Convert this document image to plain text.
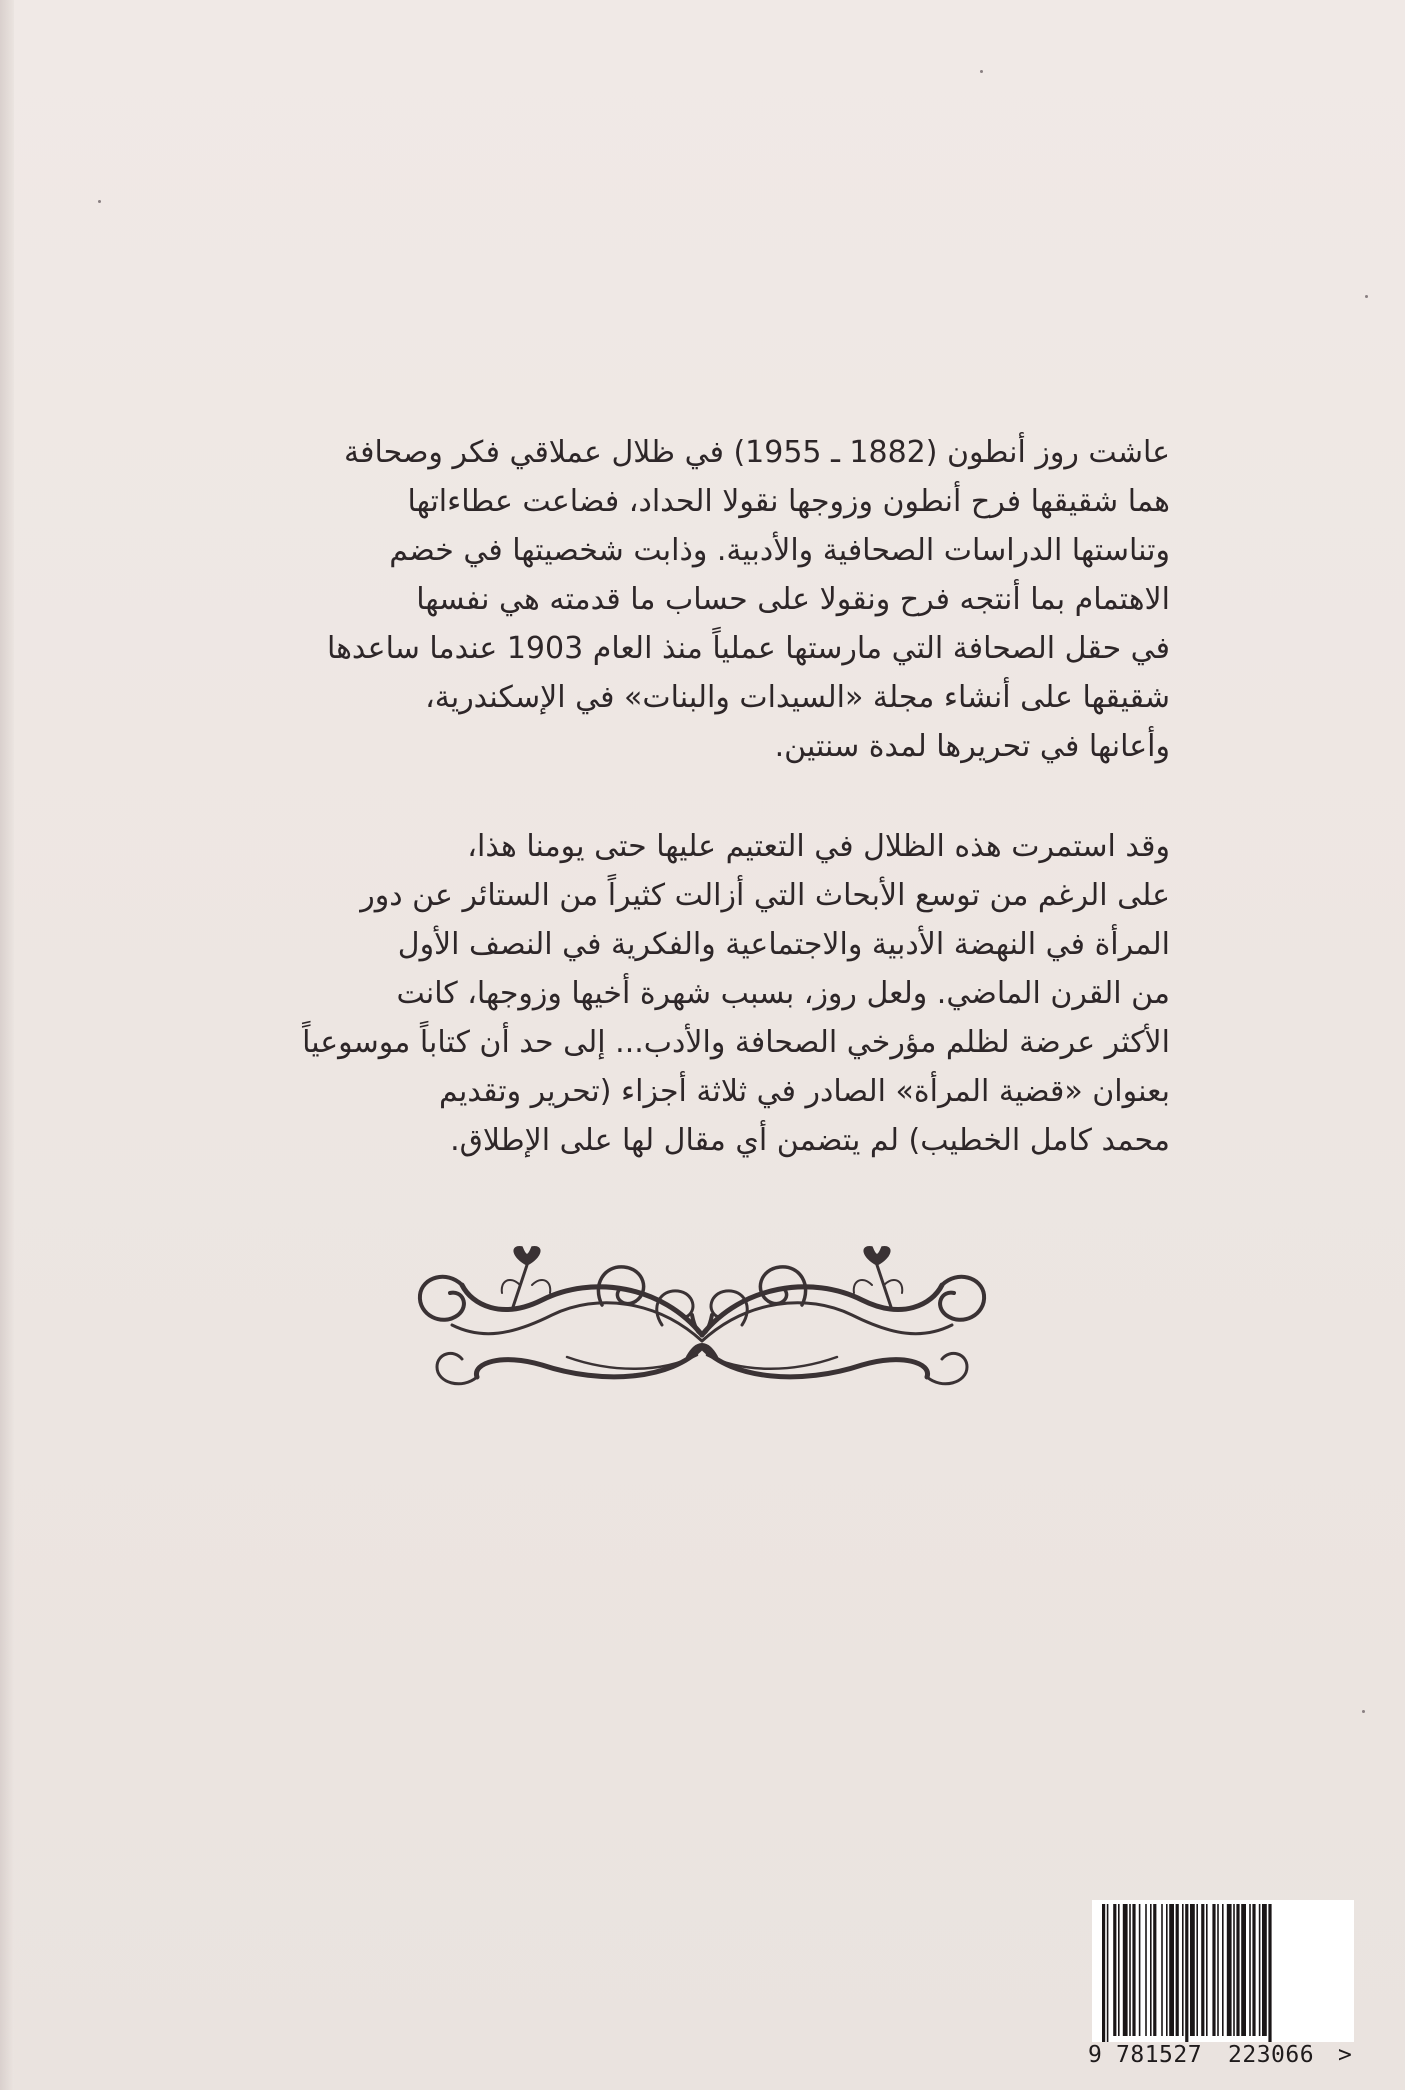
عاشت روز أنطون (1882 ـ 1955) في ظلال عملاقي فكر وصحافة
هما شقيقها فرح أنطون وزوجها نقولا الحداد، فضاعت عطاءاتها
وتناستها الدراسات الصحافية والأدبية. وذابت شخصيتها في خضم
الاهتمام بما أنتجه فرح ونقولا على حساب ما قدمته هي نفسها
في حقل الصحافة التي مارستها عملياً منذ العام 1903 عندما ساعدها
شقيقها على أنشاء مجلة «السيدات والبنات» في الإسكندرية،
وأعانها في تحريرها لمدة سنتين.

وقد استمرت هذه الظلال في التعتيم عليها حتى يومنا هذا،
على الرغم من توسع الأبحاث التي أزالت كثيراً من الستائر عن دور
المرأة في النهضة الأدبية والاجتماعية والفكرية في النصف الأول
من القرن الماضي. ولعل روز، بسبب شهرة أخيها وزوجها، كانت
الأكثر عرضة لظلم مؤرخي الصحافة والأدب... إلى حد أن كتاباً موسوعياً
بعنوان «قضية المرأة» الصادر في ثلاثة أجزاء (تحرير وتقديم
محمد كامل الخطيب) لم يتضمن أي مقال لها على الإطلاق.

9 781527 223066 >
